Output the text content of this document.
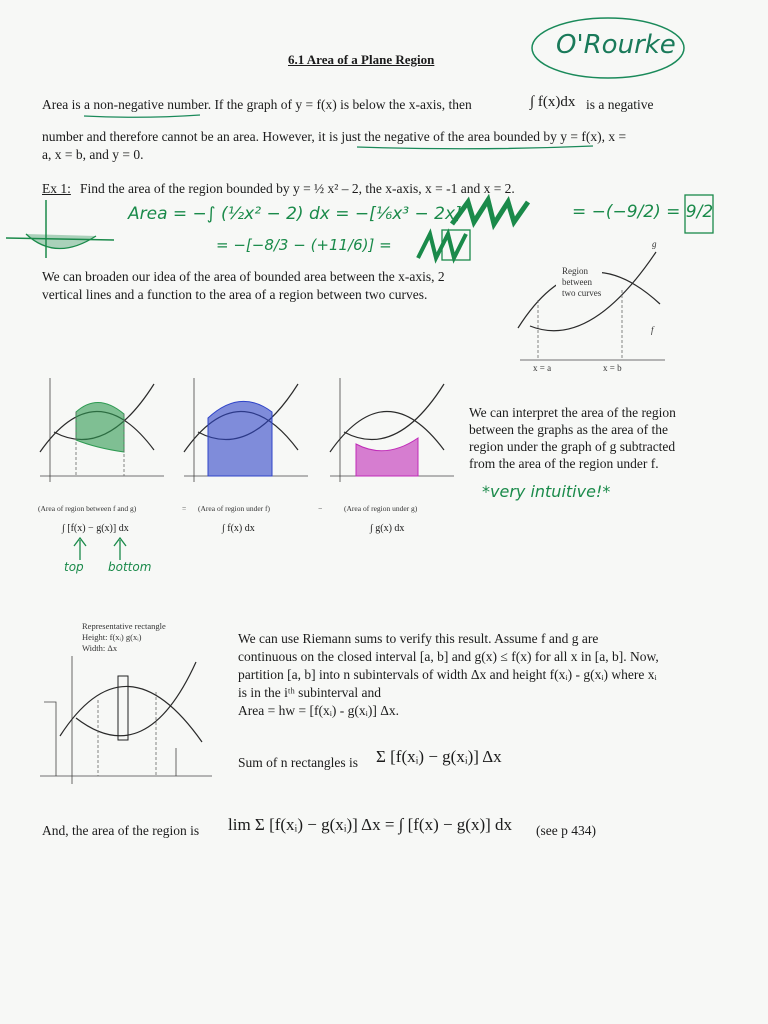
6.1 Area of a Plane Region	O'Rourke
Area is a non-negative number. If the graph of y = f(x) is below the x-axis, then	∫ f(x)dx is a negative
number and therefore cannot be an area. However, it is just the negative of the area bounded by y = f(x), x =
a, x = b, and y = 0.
Ex 1: Find the area of the region bounded by y = ½ x² – 2, the x-axis, x = -1 and x = 2.
Area = −∫ (½x² − 2) dx = −[⅙x³ − 2x]	= −(−9/2) = 9/2
= −[−8/3 − (+11/6)] =
We can broaden our idea of the area of bounded area between the x-axis, 2
vertical lines and a function to the area of a region between two curves.
Region between two curves
x = a	x = b
f
g
(Area of region between f and g)	(Area of region under f)	(Area of region under g)
=	−
∫ [f(x) − g(x)] dx	∫ f(x) dx	∫ g(x) dx
top bottom
We can interpret the area of the region
between the graphs as the area of the
region under the graph of g subtracted
from the area of the region under f.
*very intuitive!*
Representative rectangle
Height: f(xᵢ) g(xᵢ)
Width: Δx
We can use Riemann sums to verify this result. Assume f and g are
continuous on the closed interval [a, b] and g(x) ≤ f(x) for all x in [a, b]. Now,
partition [a, b] into n subintervals of width Δx and height f(xᵢ) - g(xᵢ) where xᵢ
is in the iᵗʰ subinterval and
Area = hw = [f(xᵢ) - g(xᵢ)] Δx.
Sum of n rectangles is Σ [f(xᵢ) − g(xᵢ)] Δx
And, the area of the region is lim Σ [f(xᵢ) − g(xᵢ)] Δx = ∫ [f(x) − g(x)] dx (see p 434)
